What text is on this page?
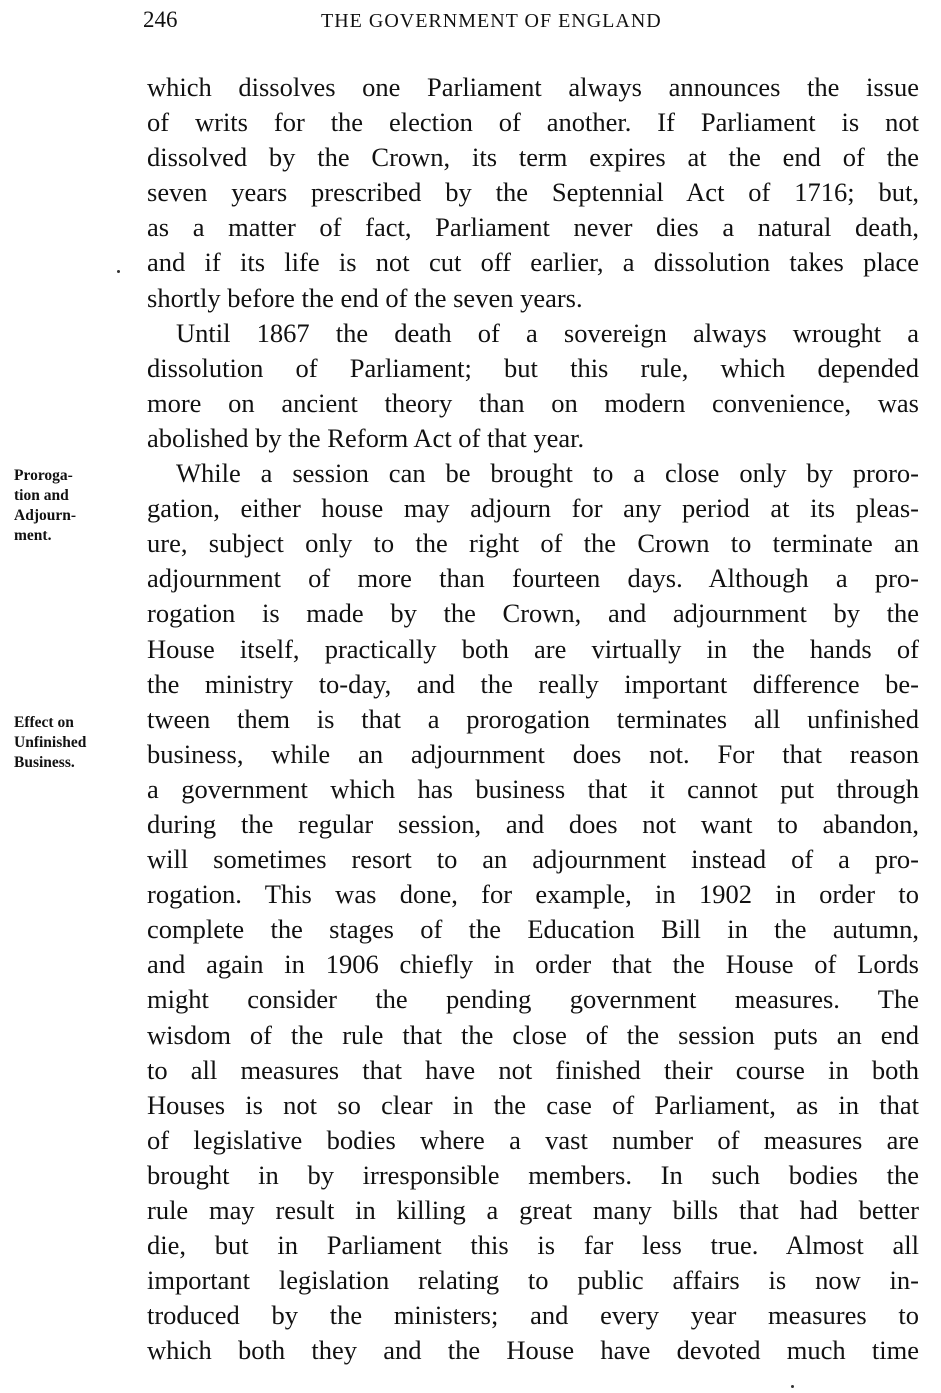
246	THE GOVERNMENT OF ENGLAND
Proroga-
tion and
Adjourn-
ment.
Effect on
Unfinished
Business.
which dissolves one Parliament always announces the issue
of writs for the election of another. If Parliament is not
dissolved by the Crown, its term expires at the end of the
seven years prescribed by the Septennial Act of 1716; but,
as a matter of fact, Parliament never dies a natural death,
and if its life is not cut off earlier, a dissolution takes place
shortly before the end of the seven years.
Until 1867 the death of a sovereign always wrought a
dissolution of Parliament; but this rule, which depended
more on ancient theory than on modern convenience, was
abolished by the Reform Act of that year.
While a session can be brought to a close only by proro-
gation, either house may adjourn for any period at its pleas-
ure, subject only to the right of the Crown to terminate an
adjournment of more than fourteen days. Although a pro-
rogation is made by the Crown, and adjournment by the
House itself, practically both are virtually in the hands of
the ministry to-day, and the really important difference be-
tween them is that a prorogation terminates all unfinished
business, while an adjournment does not. For that reason
a government which has business that it cannot put through
during the regular session, and does not want to abandon,
will sometimes resort to an adjournment instead of a pro-
rogation. This was done, for example, in 1902 in order to
complete the stages of the Education Bill in the autumn,
and again in 1906 chiefly in order that the House of Lords
might consider the pending government measures. The
wisdom of the rule that the close of the session puts an end
to all measures that have not finished their course in both
Houses is not so clear in the case of Parliament, as in that
of legislative bodies where a vast number of measures are
brought in by irresponsible members. In such bodies the
rule may result in killing a great many bills that had better
die, but in Parliament this is far less true. Almost all
important legislation relating to public affairs is now in-
troduced by the ministers; and every year measures to
which both they and the House have devoted much time
